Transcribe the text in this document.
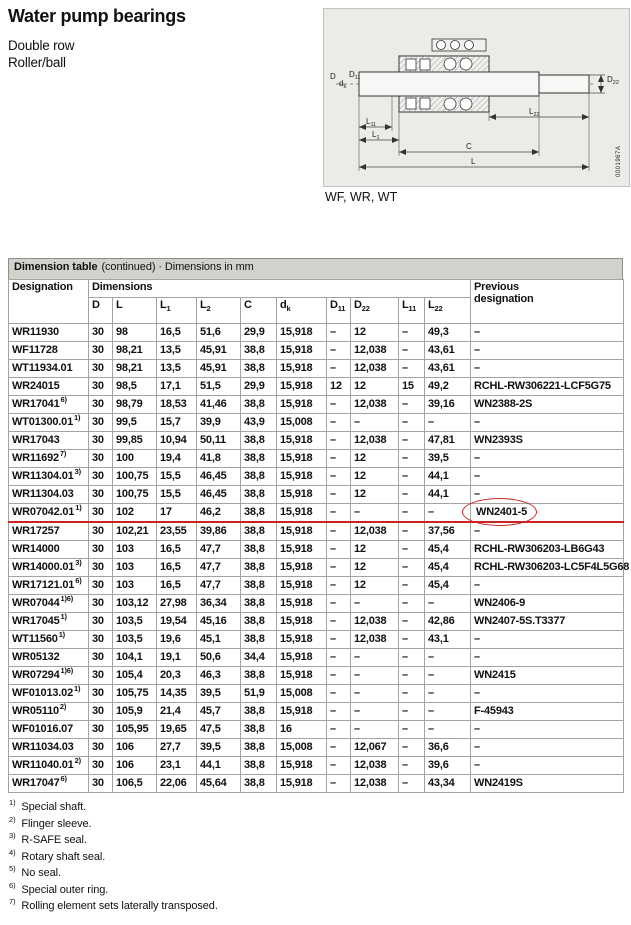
Water pump bearings
Double row
Roller/ball
D
$d_k$
$D_{11}$	$D_{22}$
$L_{22}$
$L_{11}$
$L_1$
C
L	0001967A
WF, WR, WT
Dimension table (continued) · Dimensions in mm
Designation	Dimensions										Previous
designation

	D	L	$L_1$	$L_2$	C	$d_k$	$D_{11}$	$D_{22}$	$L_{11}$	$L_{22}$
WR11930	30	98	16,5	51,6	29,9	15,918	–	12	–	49,3	–
WF11728	30	98,21	13,5	45,91	38,8	15,918	–	12,038	–	43,61	–
WT11934.01	30	98,21	13,5	45,91	38,8	15,918	–	12,038	–	43,61	–
WR24015	30	98,5	17,1	51,5	29,9	15,918	12	12	15	49,2	RCHL-RW306221-LCF5G75
WR17041$^{6)}$	30	98,79	18,53	41,46	38,8	15,918	–	12,038	–	39,16	WN2388-2S
WT01300.01$^{1)}$	30	99,5	15,7	39,9	43,9	15,008	–	–	–	–	–
WR17043	30	99,85	10,94	50,11	38,8	15,918	–	12,038	–	47,81	WN2393S
WR11692$^{7)}$	30	100	19,4	41,8	38,8	15,918	–	12	–	39,5	–
WR11304.01$^{3)}$	30	100,75	15,5	46,45	38,8	15,918	–	12	–	44,1	–
WR11304.03	30	100,75	15,5	46,45	38,8	15,918	–	12	–	44,1	–
WR07042.01$^{1)}$	30	102	17	46,2	38,8	15,918	–	–	–	–	WN2401-5
WR17257	30	102,21	23,55	39,86	38,8	15,918	–	12,038	–	37,56	–
WR14000	30	103	16,5	47,7	38,8	15,918	–	12	–	45,4	RCHL-RW306203-LB6G43
WR14000.01$^{3)}$	30	103	16,5	47,7	38,8	15,918	–	12	–	45,4	RCHL-RW306203-LC5F4L5G68
WR17121.01$^{6)}$	30	103	16,5	47,7	38,8	15,918	–	12	–	45,4	–
$WR07044^{1)6)}$	30	103,12	27,98	36,34	38,8	15,918	–	–	–	–	WN2406-9
WR17045$^{1)}$	30	103,5	19,54	45,16	38,8	15,918	–	12,038	–	42,86	WN2407-5S.T3377
WT11560$^{1)}$	30	103,5	19,6	45,1	38,8	15,918	–	12,038	–	43,1	–
WR05132	30	104,1	19,1	50,6	34,4	15,918	–	–	–	–	–
$WR07294^{1)6)}$	30	105,4	20,3	46,3	38,8	15,918	–	–	–	–	WN2415
WF01013.02$^{1)}$	30	105,75	14,35	39,5	51,9	15,008	–	–	–	–	–
WR05110$^{2)}$	30	105,9	21,4	45,7	38,8	15,918	–	–	–	–	F-45943
WF01016.07	30	105,95	19,65	47,5	38,8	16	–	–	–	–	–
WR11034.03	30	106	27,7	39,5	38,8	15,008	–	12,067	–	36,6	–
WR11040.01$^{2)}$	30	106	23,1	44,1	38,8	15,918	–	12,038	–	39,6	–
WR17047$^{6)}$	30	106,5	22,06	45,64	38,8	15,918	–	12,038	–	43,34	WN2419S
$^{1)}$ Special shaft.
$^{2)}$ Flinger sleeve.
$^{3)}$ R-SAFE seal.
$^{4)}$ Rotary shaft seal.
$^{5)}$ No seal.
$^{6)}$ Special outer ring.
$^{7)}$ Rolling element sets laterally transposed.
